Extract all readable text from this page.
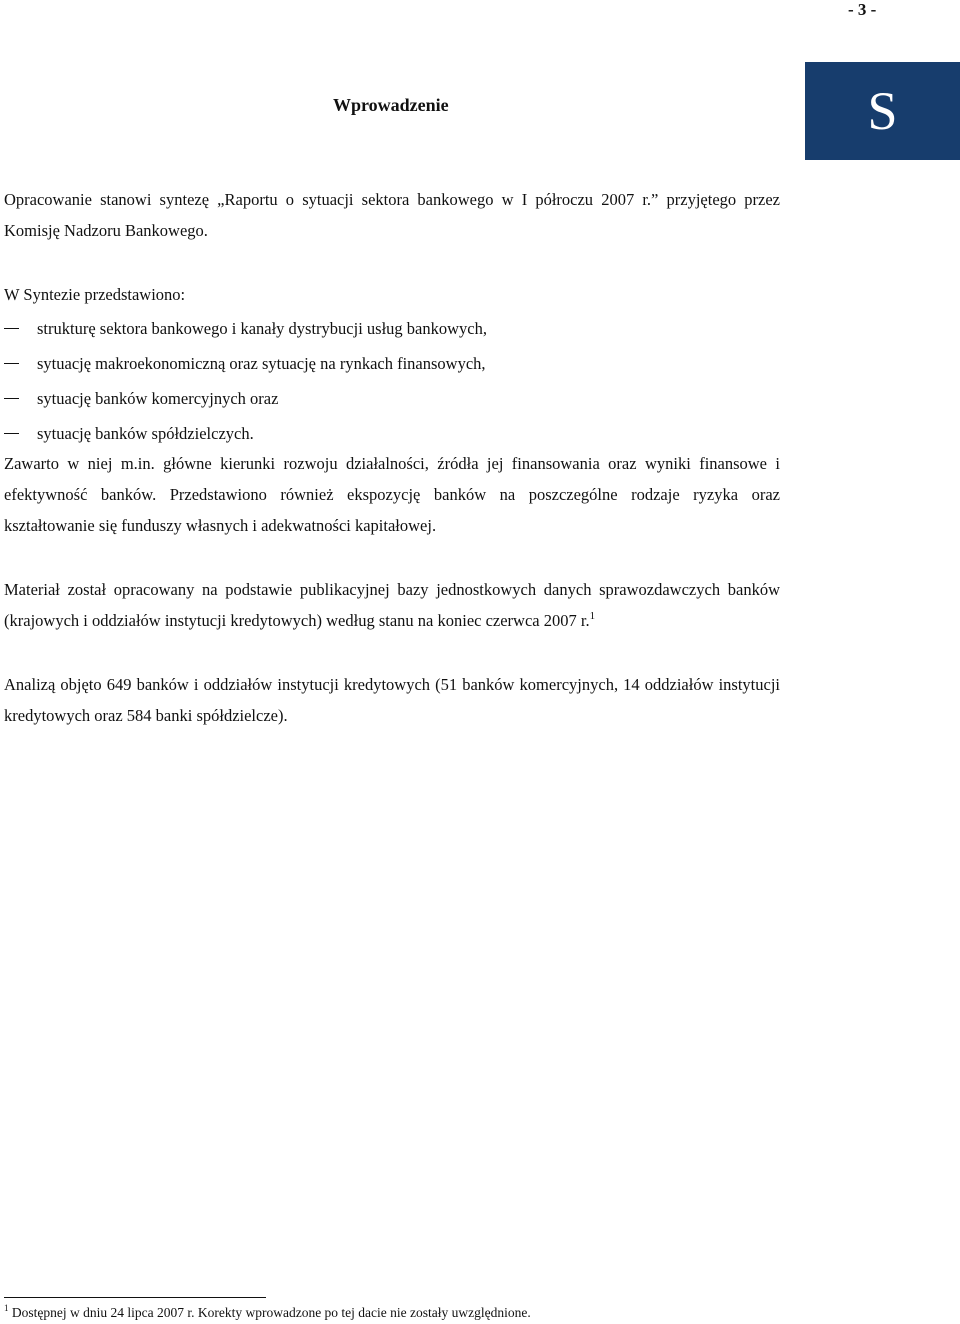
- 3 -
S
Wprowadzenie
Opracowanie stanowi syntezę „Raportu o sytuacji sektora bankowego w I półroczu 2007 r.” przyjętego przez Komisję Nadzoru Bankowego.
W Syntezie przedstawiono:
strukturę sektora bankowego i kanały dystrybucji usług bankowych,
sytuację makroekonomiczną oraz sytuację na rynkach finansowych,
sytuację banków komercyjnych oraz
sytuację banków spółdzielczych.
Zawarto w niej m.in. główne kierunki rozwoju działalności, źródła jej finansowania oraz wyniki finansowe i efektywność banków. Przedstawiono również ekspozycję banków na poszczególne rodzaje ryzyka oraz kształtowanie się funduszy własnych i adekwatności kapitałowej.
Materiał został opracowany na podstawie publikacyjnej bazy jednostkowych danych sprawozdawczych banków (krajowych i oddziałów instytucji kredytowych) według stanu na koniec czerwca 2007 r.$^1$
Analizą objęto 649 banków i oddziałów instytucji kredytowych (51 banków komercyjnych, 14 oddziałów instytucji kredytowych oraz 584 banki spółdzielcze).
$^1$ Dostępnej w dniu 24 lipca 2007 r. Korekty wprowadzone po tej dacie nie zostały uwzględnione.
